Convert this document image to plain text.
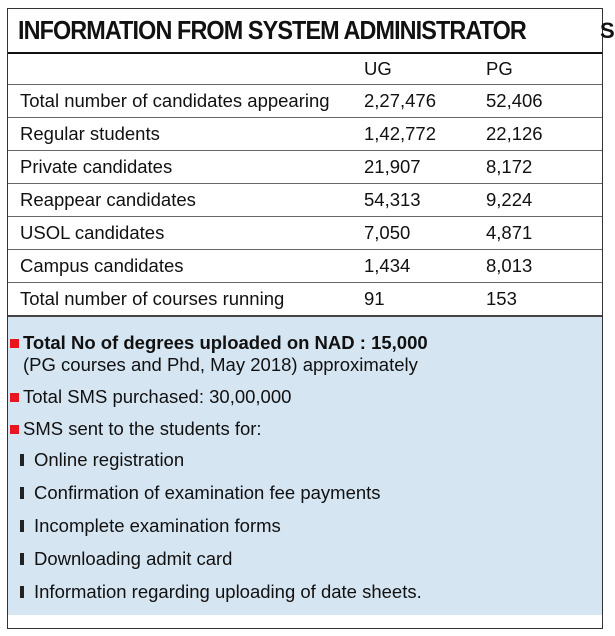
INFORMATION FROM SYSTEM ADMINISTRATOR
	UG	PG
Total number of candidates appearing	2,27,476	52,406
Regular students	1,42,772	22,126
Private candidates	21,907	8,172
Reappear candidates	54,313	9,224
USOL candidates	7,050	4,871
Campus candidates	1,434	8,013
Total number of courses running	91	153
Total No of degrees uploaded on NAD : 15,000
(PG courses and Phd, May 2018) approximately
Total SMS purchased: 30,00,000
SMS sent to the students for:
Online registration
Confirmation of examination fee payments
Incomplete examination forms
Downloading admit card
Information regarding uploading of date sheets.
S
